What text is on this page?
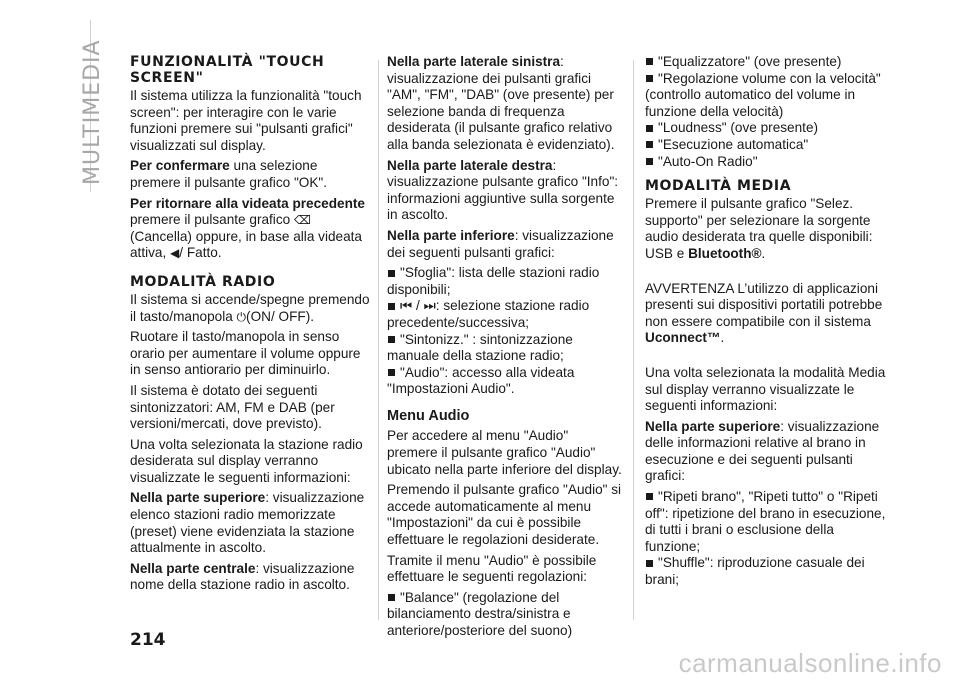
MULTIMEDIA FUNZIONALITÀ "TOUCH SCREEN"

Il sistema utilizza la funzionalità "touch screen": per interagire con le varie funzioni premere sui "pulsanti grafici" visualizzati sul display.

Per confermare una selezione premere il pulsante grafico "OK".

Per ritornare alla videata precedente premere il pulsante grafico ⌫ (Cancella) oppure, in base alla videata attiva, ◀︎/ Fatto.

MODALITÀ RADIO

Il sistema si accende/spegne premendo il tasto/manopola ⏻(ON/ OFF).

Ruotare il tasto/manopola in senso orario per aumentare il volume oppure in senso antiorario per diminuirlo.

Il sistema è dotato dei seguenti sintonizzatori: AM, FM e DAB (per versioni/mercati, dove previsto).

Una volta selezionata la stazione radio desiderata sul display verranno visualizzate le seguenti informazioni:

Nella parte superiore: visualizzazione elenco stazioni radio memorizzate (preset) viene evidenziata la stazione attualmente in ascolto.

Nella parte centrale: visualizzazione nome della stazione radio in ascolto.

Nella parte laterale sinistra: visualizzazione dei pulsanti grafici "AM", "FM", "DAB" (ove presente) per selezione banda di frequenza desiderata (il pulsante grafico relativo alla banda selezionata è evidenziato).

Nella parte laterale destra: visualizzazione pulsante grafico "Info": informazioni aggiuntive sulla sorgente in ascolto.

Nella parte inferiore: visualizzazione dei seguenti pulsanti grafici:

"Sfoglia": lista delle stazioni radio disponibili;
⏮ / ⏭: selezione stazione radio precedente/successiva;
"Sintonizz." : sintonizzazione manuale della stazione radio;
"Audio": accesso alla videata "Impostazioni Audio".

Menu Audio

Per accedere al menu "Audio" premere il pulsante grafico "Audio" ubicato nella parte inferiore del display.

Premendo il pulsante grafico "Audio" si accede automaticamente al menu "Impostazioni" da cui è possibile effettuare le regolazioni desiderate.

Tramite il menu "Audio" è possibile effettuare le seguenti regolazioni:

"Balance" (regolazione del bilanciamento destra/sinistra e anteriore/posteriore del suono)
"Equalizzatore" (ove presente)
"Regolazione volume con la velocità" (controllo automatico del volume in funzione della velocità)
"Loudness" (ove presente)
"Esecuzione automatica"
"Auto-On Radio"
MODALITÀ MEDIA

Premere il pulsante grafico "Selez. supporto" per selezionare la sorgente audio desiderata tra quelle disponibili: USB e Bluetooth®.

AVVERTENZA L’utilizzo di applicazioni presenti sui dispositivi portatili potrebbe non essere compatibile con il sistema Uconnect™.

Una volta selezionata la modalità Media sul display verranno visualizzate le seguenti informazioni:

Nella parte superiore: visualizzazione delle informazioni relative al brano in esecuzione e dei seguenti pulsanti grafici:

"Ripeti brano", "Ripeti tutto" o "Ripeti off": ripetizione del brano in esecuzione, di tutti i brani o esclusione della funzione;
"Shuffle": riproduzione casuale dei brani;
214
carmanualsonline.info
